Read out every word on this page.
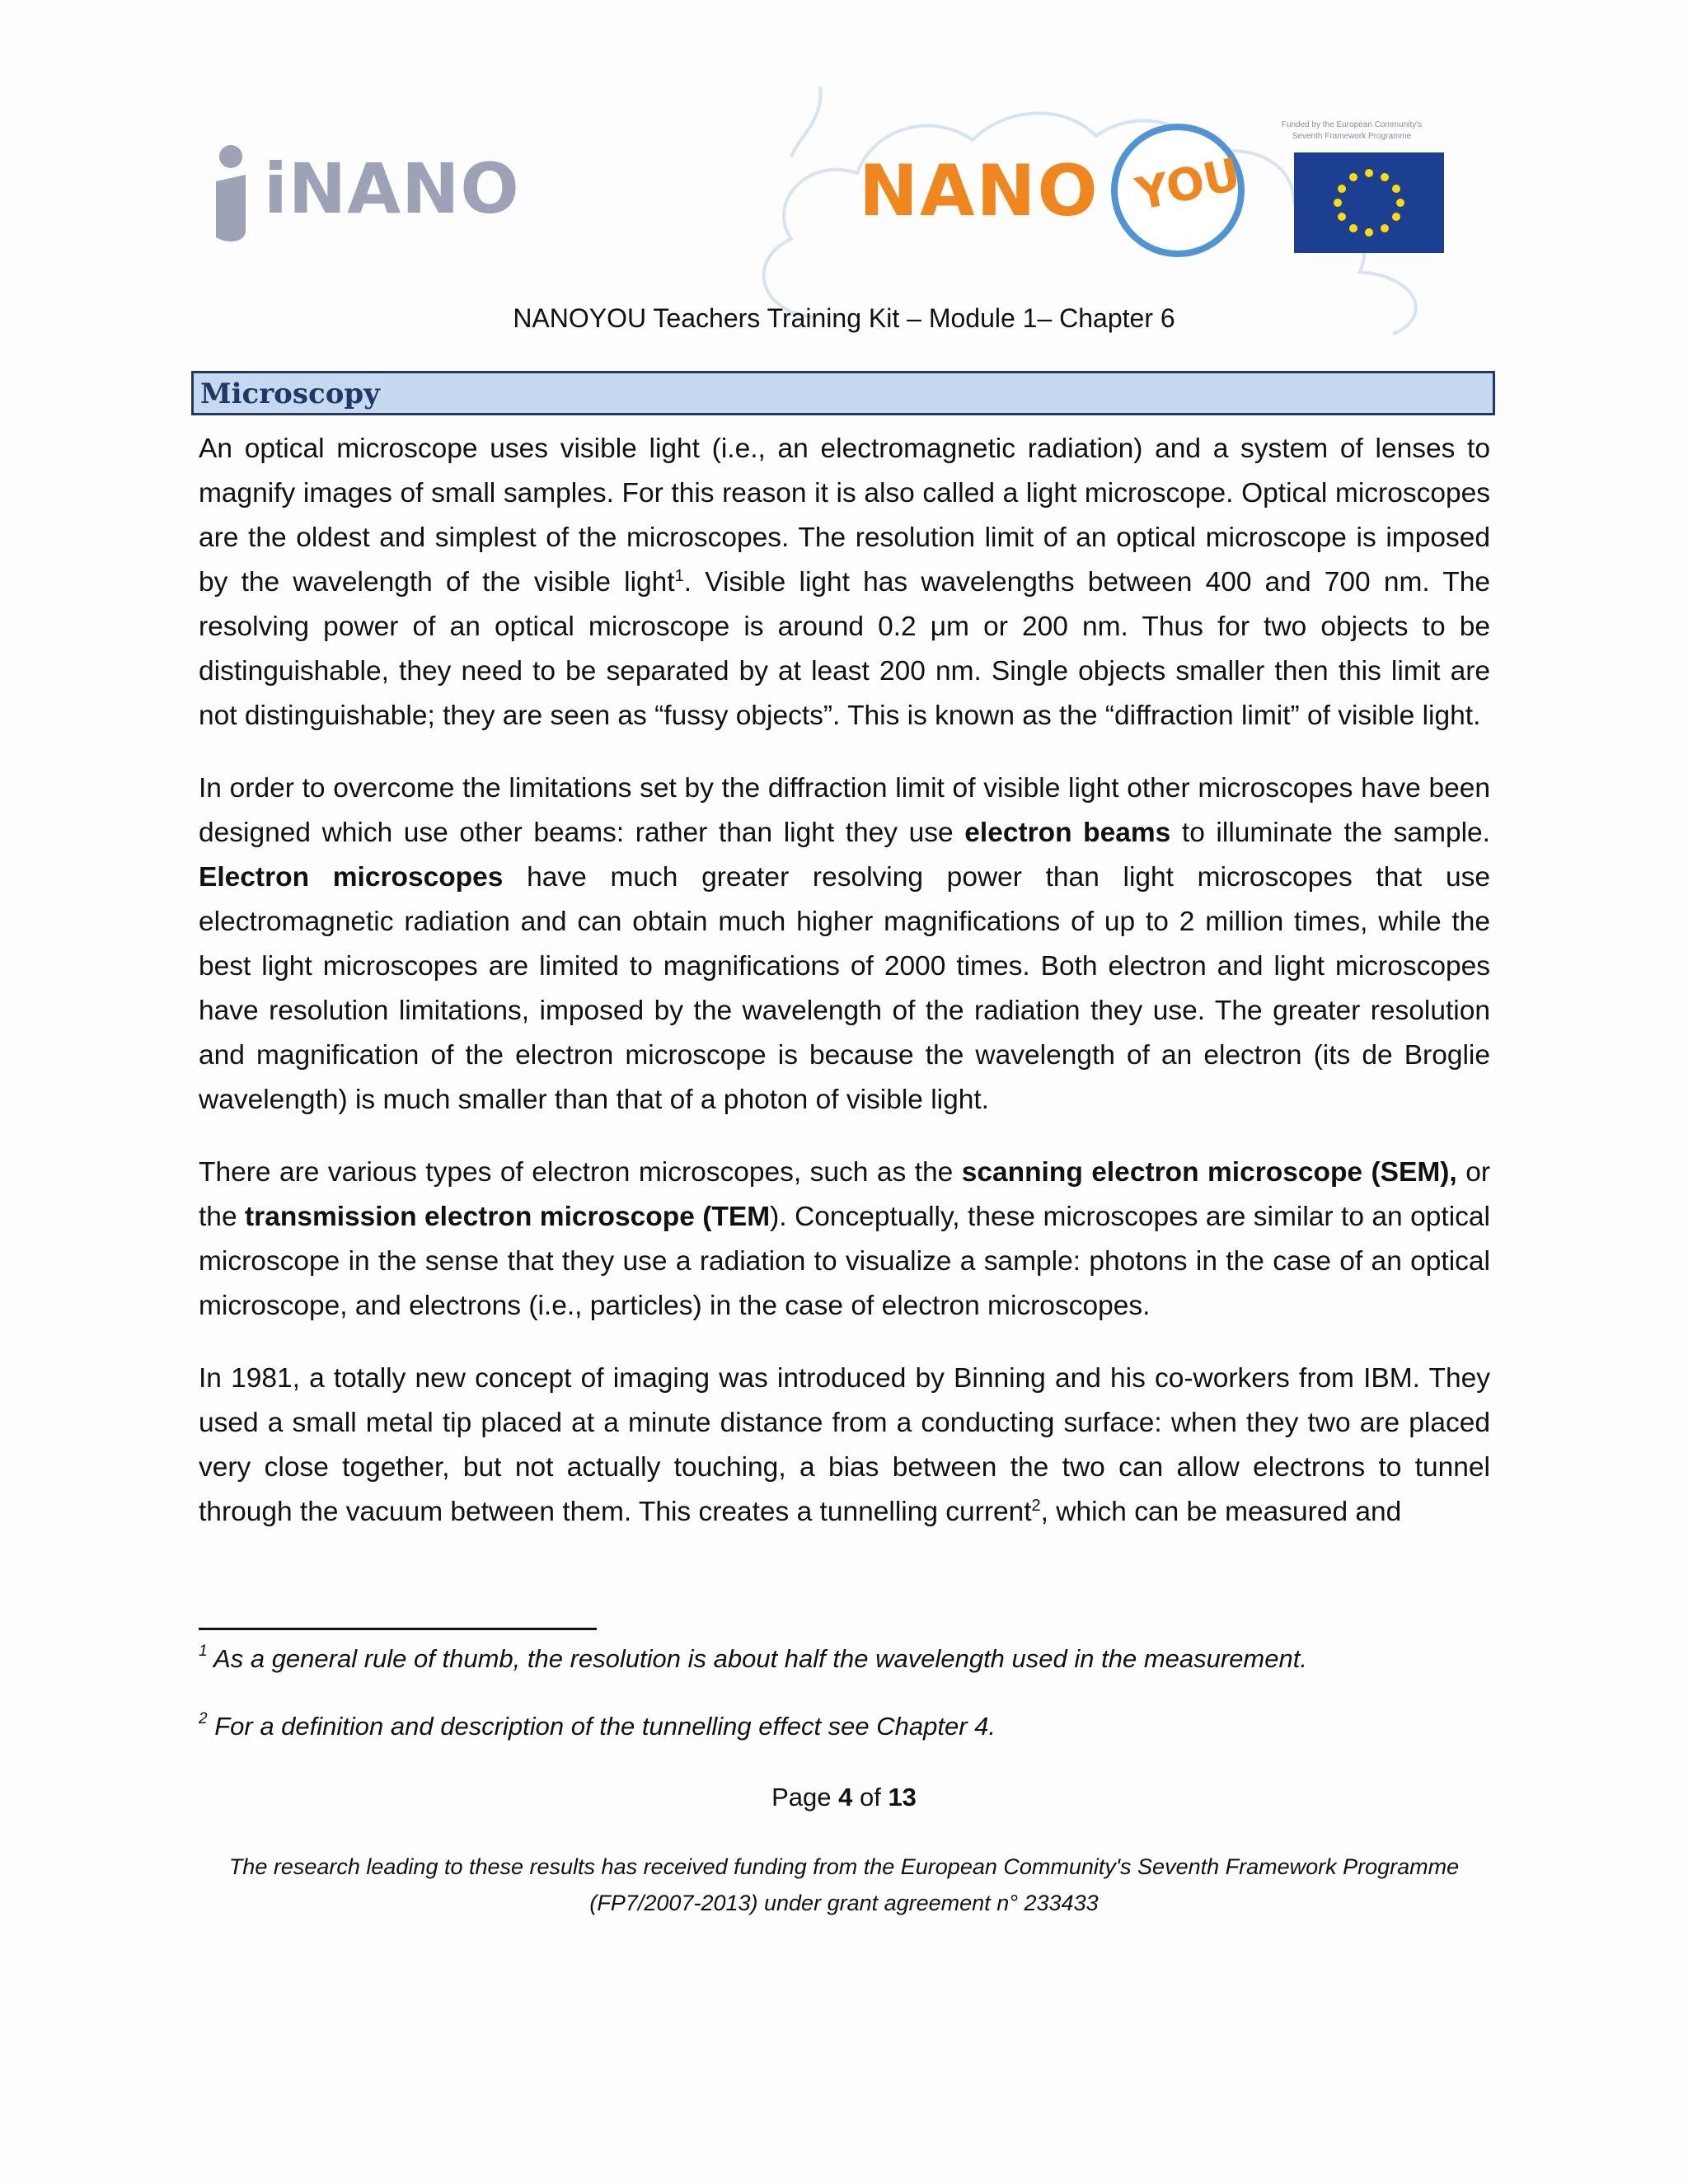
iNANO	NANO YOU
Funded by the European Community's
Seventh Framework Programme
NANOYOU Teachers Training Kit – Module 1– Chapter 6
Microscopy

An optical microscope uses visible light (i.e., an electromagnetic radiation) and a system of lenses to magnify images of small samples. For this reason it is also called a light microscope. Optical microscopes are the oldest and simplest of the microscopes. The resolution limit of an optical microscope is imposed by the wavelength of the visible light$^1$. Visible light has wavelengths between 400 and 700 nm. The resolving power of an optical microscope is around 0.2 μm or 200 nm. Thus for two objects to be distinguishable, they need to be separated by at least 200 nm. Single objects smaller then this limit are not distinguishable; they are seen as “fussy objects”. This is known as the “diffraction limit” of visible light.

In order to overcome the limitations set by the diffraction limit of visible light other microscopes have been designed which use other beams: rather than light they use electron beams to illuminate the sample. Electron microscopes have much greater resolving power than light microscopes that use electromagnetic radiation and can obtain much higher magnifications of up to 2 million times, while the best light microscopes are limited to magnifications of 2000 times. Both electron and light microscopes have resolution limitations, imposed by the wavelength of the radiation they use. The greater resolution and magnification of the electron microscope is because the wavelength of an electron (its de Broglie wavelength) is much smaller than that of a photon of visible light.

There are various types of electron microscopes, such as the scanning electron microscope (SEM), or the transmission electron microscope (TEM). Conceptually, these microscopes are similar to an optical microscope in the sense that they use a radiation to visualize a sample: photons in the case of an optical microscope, and electrons (i.e., particles) in the case of electron microscopes.

In 1981, a totally new concept of imaging was introduced by Binning and his co-workers from IBM. They used a small metal tip placed at a minute distance from a conducting surface: when they two are placed very close together, but not actually touching, a bias between the two can allow electrons to tunnel through the vacuum between them. This creates a tunnelling current$^2$, which can be measured and

$^1$ As a general rule of thumb, the resolution is about half the wavelength used in the measurement.
$^2$ For a definition and description of the tunnelling effect see Chapter 4.
Page 4 of 13
The research leading to these results has received funding from the European Community's Seventh Framework Programme
(FP7/2007-2013) under grant agreement n° 233433
